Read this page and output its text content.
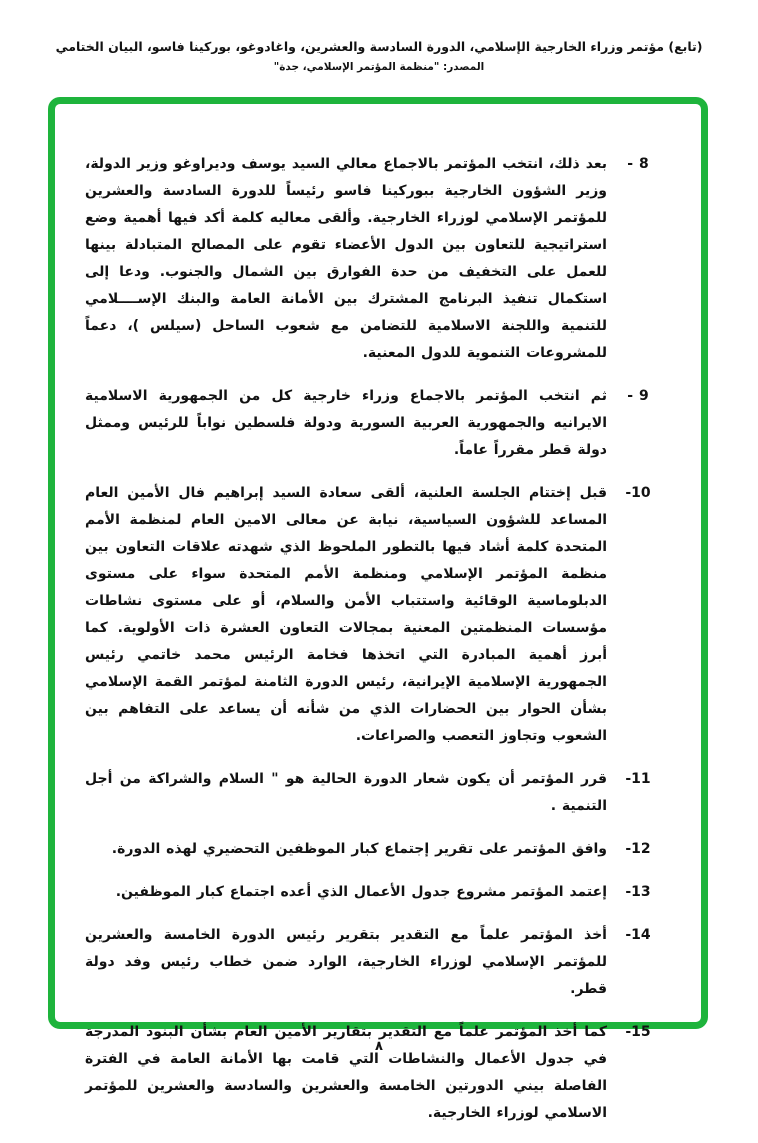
(تابع) مؤتمر وزراء الخارجية الإسلامي، الدورة السادسة والعشرين، واغادوغو، بوركينا فاسو، البيان الختامي
المصدر: "منظمة المؤتمر الإسلامي، جدة"
8 -
بعد ذلك، انتخب المؤتمر بالاجماع معالي السيد يوسف وديراوغو وزير الدولة، وزير الشؤون الخارجية ببوركينا فاسو رئيساً للدورة السادسة والعشرين للمؤتمر الإسلامي لوزراء الخارجية. وألقى معاليه كلمة أكد فيها أهمية وضع استراتيجية للتعاون بين الدول الأعضاء تقوم على المصالح المتبادلة بينها للعمل على التخفيف من حدة الفوارق بين الشمال والجنوب. ودعا إلى استكمال تنفيذ البرنامج المشترك بين الأمانة العامة والبنك الإســــلامي للتنمية واللجنة الاسلامية للتضامن مع شعوب الساحل (سيلس )، دعماً للمشروعات التنموية للدول المعنية.
9 -
ثم انتخب المؤتمر بالاجماع وزراء خارجية كل من الجمهورية الاسلامية الايرانيه والجمهورية العربية السورية ودولة فلسطين نواباً للرئيس وممثل دولة قطر مقرراً عاماً.
10-
قبل إختتام الجلسة العلنية، ألقى سعادة السيد إبراهيم فال الأمين العام المساعد للشؤون السياسية، نيابة عن معالى الامين العام لمنظمة الأمم المتحدة كلمة أشاد فيها بالتطور الملحوظ الذي شهدته علاقات التعاون بين منظمة المؤتمر الإسلامي ومنظمة الأمم المتحدة سواء على مستوى الدبلوماسية الوقائية واستتباب الأمن والسلام، أو على مستوى نشاطات مؤسسات المنظمتين المعنية بمجالات التعاون العشرة ذات الأولوية. كما أبرز أهمية المبادرة التي اتخذها فخامة الرئيس محمد خاتمي رئيس الجمهورية الإسلامية الإيرانية، رئيس الدورة الثامنة لمؤتمر القمة الإسلامي بشأن الحوار بين الحضارات الذي من شأنه أن يساعد على التفاهم بين الشعوب وتجاوز التعصب والصراعات.
11-
قرر المؤتمر أن يكون شعار الدورة الحالية هو " السلام والشراكة من أجل التنمية .
12-
وافق المؤتمر على تقرير إجتماع كبار الموظفين التحضيري لهذه الدورة.
13-
إعتمد المؤتمر مشروع جدول الأعمال الذي أعده اجتماع كبار الموظفين.
14-
أخذ المؤتمر علماً مع التقدير بتقرير رئيس الدورة الخامسة والعشرين للمؤتمر الإسلامي لوزراء الخارجية، الوارد ضمن خطاب رئيس وفد دولة قطر.
15-
كما أخذ المؤتمر علماً مع التقدير بتقارير الأمين العام بشأن البنود المدرجة في جدول الأعمال والنشاطات التي قامت بها الأمانة العامة في الفترة الفاصلة بيني الدورتين الخامسة والعشرين والسادسة والعشرين للمؤتمر الاسلامي لوزراء الخارجية.
٨
